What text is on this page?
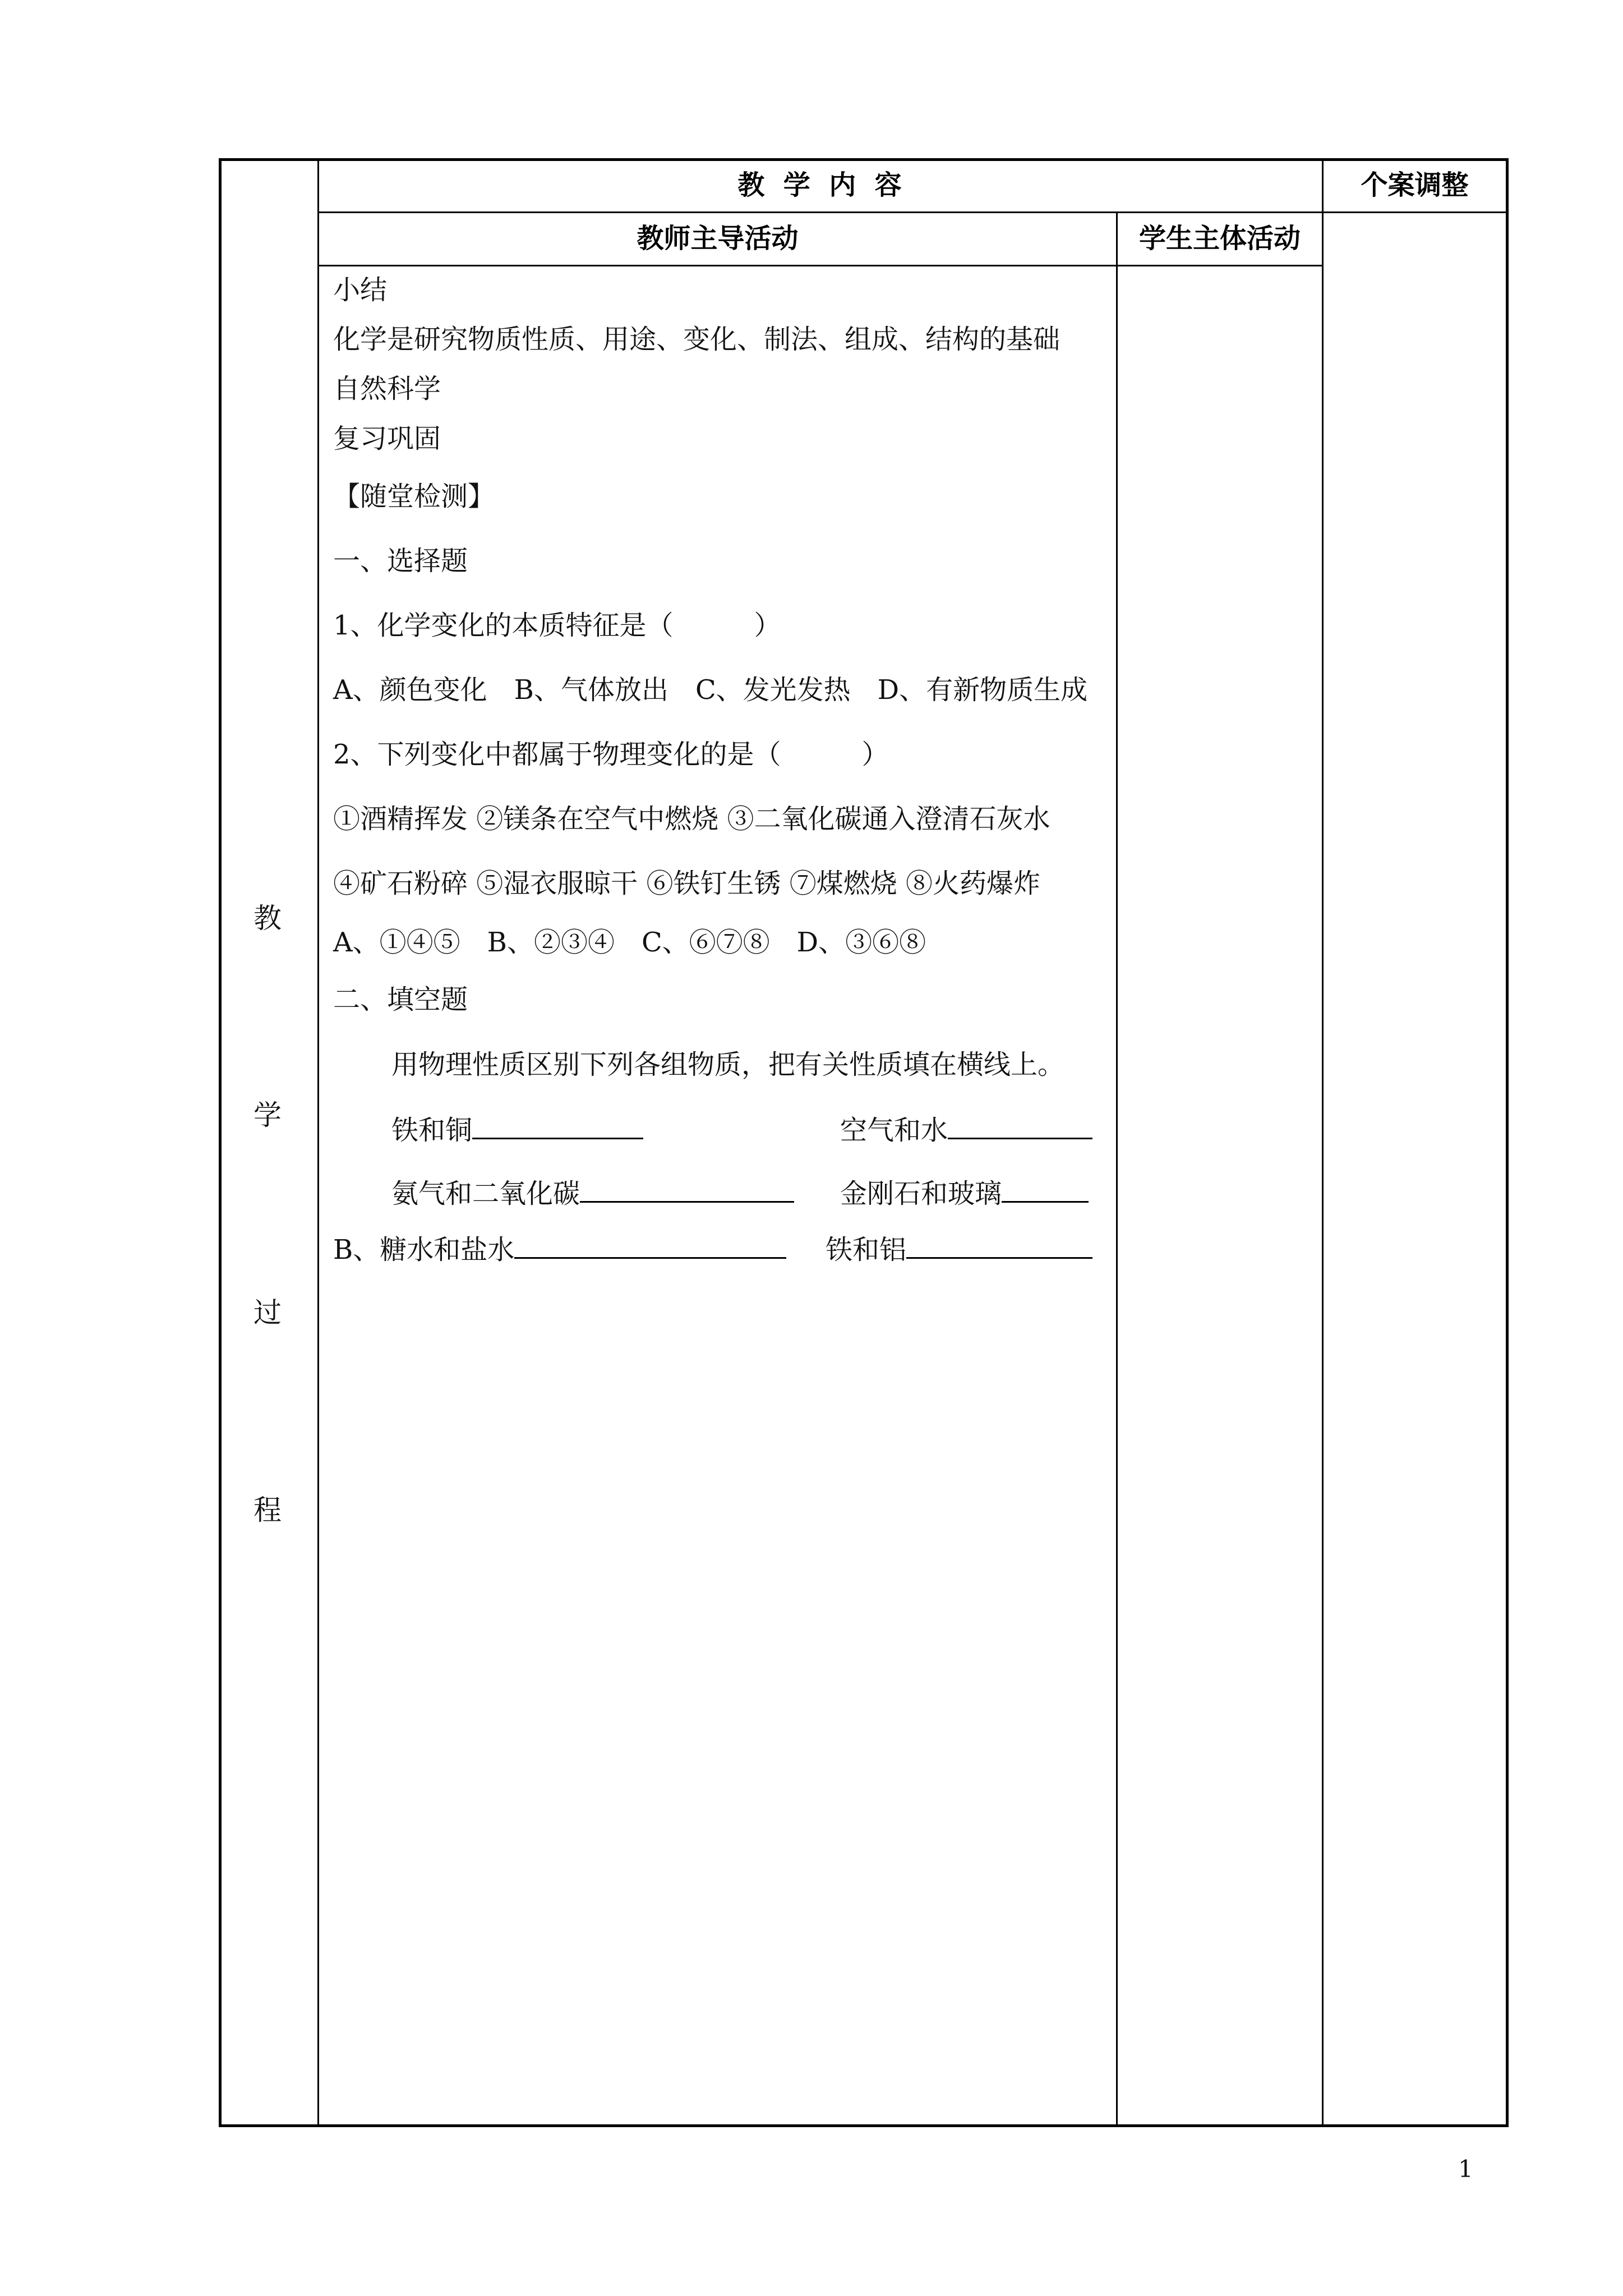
教  学  内  容	个案调整
教师主导活动	学生主体活动
教
学
过
程
小结
化学是研究物质性质、用途、变化、制法、组成、结构的基础
自然科学
复习巩固
【随堂检测】
一、选择题
1、化学变化的本质特征是（　　　）
A、颜色变化　B、气体放出　C、发光发热　D、有新物质生成
2、下列变化中都属于物理变化的是（　　　）
①酒精挥发 ②镁条在空气中燃烧 ③二氧化碳通入澄清石灰水
④矿石粉碎 ⑤湿衣服晾干 ⑥铁钉生锈 ⑦煤燃烧 ⑧火药爆炸
A、①④⑤　B、②③④　C、⑥⑦⑧　D、③⑥⑧
二、填空题
用物理性质区别下列各组物质，把有关性质填在横线上。
铁和铜	空气和水
氨气和二氧化碳	金刚石和玻璃
B、糖水和盐水	铁和铝
1
